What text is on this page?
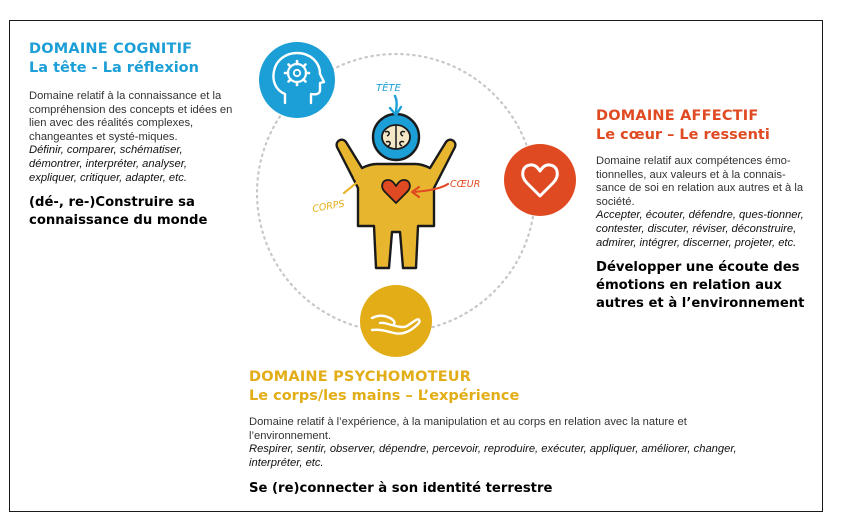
TÊTE
CŒUR
CORPS
DOMAINE COGNITIF
La tête - La réflexion
Domaine relatif à la connaissance et la compréhension des concepts et idées en lien avec des réalités complexes, changeantes et systé-miques.
Définir, comparer, schématiser, démontrer, interpréter, analyser, expliquer, critiquer, adapter, etc.
(dé-, re-)Construire sa connaissance du monde
DOMAINE AFFECTIF
Le cœur – Le ressenti
Domaine relatif aux compétences émo-tionnelles, aux valeurs et à la connais-sance de soi en relation aux autres et à la société.
Accepter, écouter, défendre, ques-tionner, contester, discuter, réviser, déconstruire, admirer, intégrer, discerner, projeter, etc.
Développer une écoute des émotions en relation aux autres et à l’environnement
DOMAINE PSYCHOMOTEUR
Le corps/les mains – L’expérience
Domaine relatif à l’expérience, à la manipulation et au corps en relation avec la nature et l’environnement.
Respirer, sentir, observer, dépendre, percevoir, reproduire, exécuter, appliquer, améliorer, changer, interpréter, etc.
Se (re)connecter à son identité terrestre
